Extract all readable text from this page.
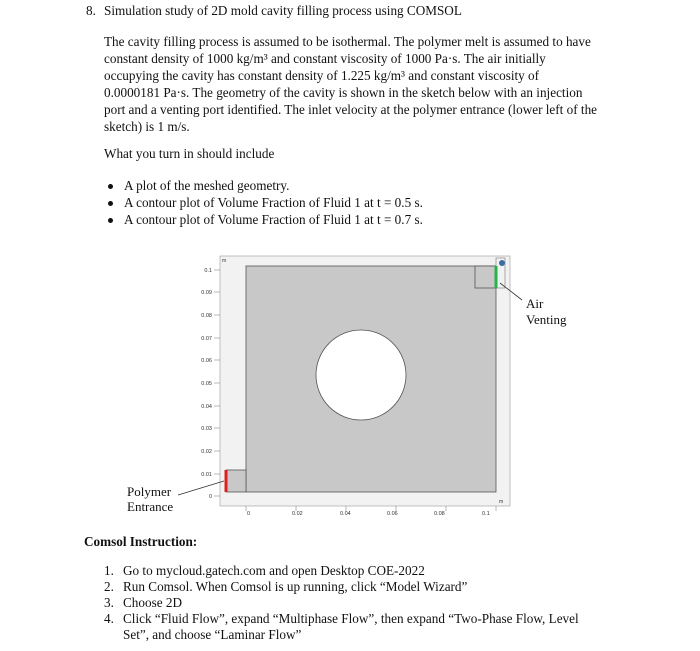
8. Simulation study of 2D mold cavity filling process using COMSOL
The cavity filling process is assumed to be isothermal. The polymer melt is assumed to have
constant density of 1000 kg/m³ and constant viscosity of 1000 Pa·s. The air initially
occupying the cavity has constant density of 1.225 kg/m³ and constant viscosity of
0.0000181 Pa·s. The geometry of the cavity is shown in the sketch below with an injection
port and a venting port identified. The inlet velocity at the polymer entrance (lower left of the
sketch) is 1 m/s.
What you turn in should include
A plot of the meshed geometry.
A contour plot of Volume Fraction of Fluid 1 at t = 0.5 s.
A contour plot of Volume Fraction of Fluid 1 at t = 0.7 s.
0.1
0.09
0.08
0.07
0.06
0.05
0.04
0.03
0.02
0.01
0
m
0	0.02	0.04	0.06	0.08	0.1
m
Air
Venting
Polymer
Entrance
Comsol Instruction:
1. Go to mycloud.gatech.com and open Desktop COE-2022
2. Run Comsol. When Comsol is up running, click “Model Wizard”
3. Choose 2D
4. Click “Fluid Flow”, expand “Multiphase Flow”, then expand “Two-Phase Flow, Level
Set”, and choose “Laminar Flow”
